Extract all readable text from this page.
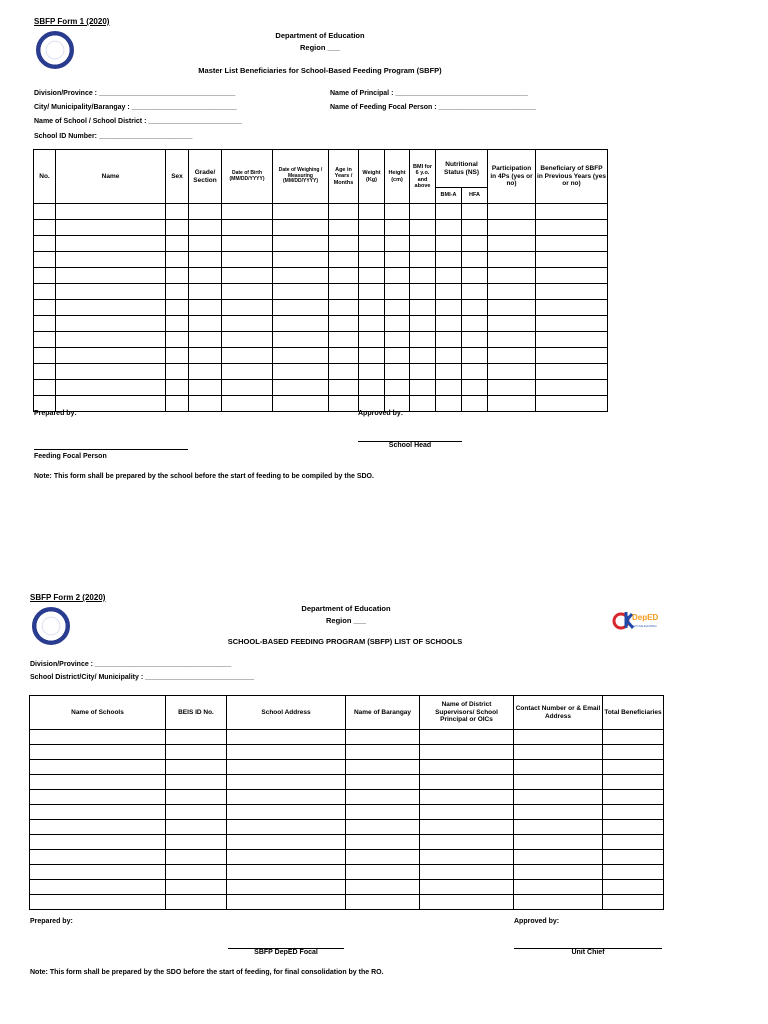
SBFP Form 1 (2020)
Department of Education
Region ___
Master List Beneficiaries for School-Based Feeding Program (SBFP)
Division/Province : ___________________________________
City/ Municipality/Barangay : ___________________________
Name of School / School District : ________________________
School ID Number: ________________________
Name of Principal : __________________________________
Name of Feeding Focal Person : _________________________
No.	Name	Sex	Grade/ Section	Date of Birth (MM/DD/YYYY)	Date of Weighing / Measuring (MM/DD/YYYY)	Age in Years / Months	Weight (Kg)	Height (cm)	BMI for 6 y.o. and above	Nutritional Status (NS)		Participation in 4Ps (yes or no)	Beneficiary of SBFP in Previous Years (yes or no)
										BMI-A	HFA		

Prepared by:	Approved by:
Feeding Focal Person
School Head
Note: This form shall be prepared by the school before the start of feeding to be compiled by the SDO.
SBFP Form 2 (2020)
Department of Education
Region ___
SCHOOL-BASED FEEDING PROGRAM (SBFP) LIST OF SCHOOLS
DepED
TAYO KALIGAYAHAN
Division/Province : ___________________________________
School District/City/ Municipality : ____________________________
Name of Schools	BEIS ID No.	School Address	Name of Barangay	Name of District Supervisors/ School Principal or OICs	Contact Number or & Email Address	Total Beneficiaries

Prepared by:	Approved by:
SBFP DepED Focal	Unit Chief
Note: This form shall be prepared by the SDO before the start of feeding, for final consolidation by the RO.
